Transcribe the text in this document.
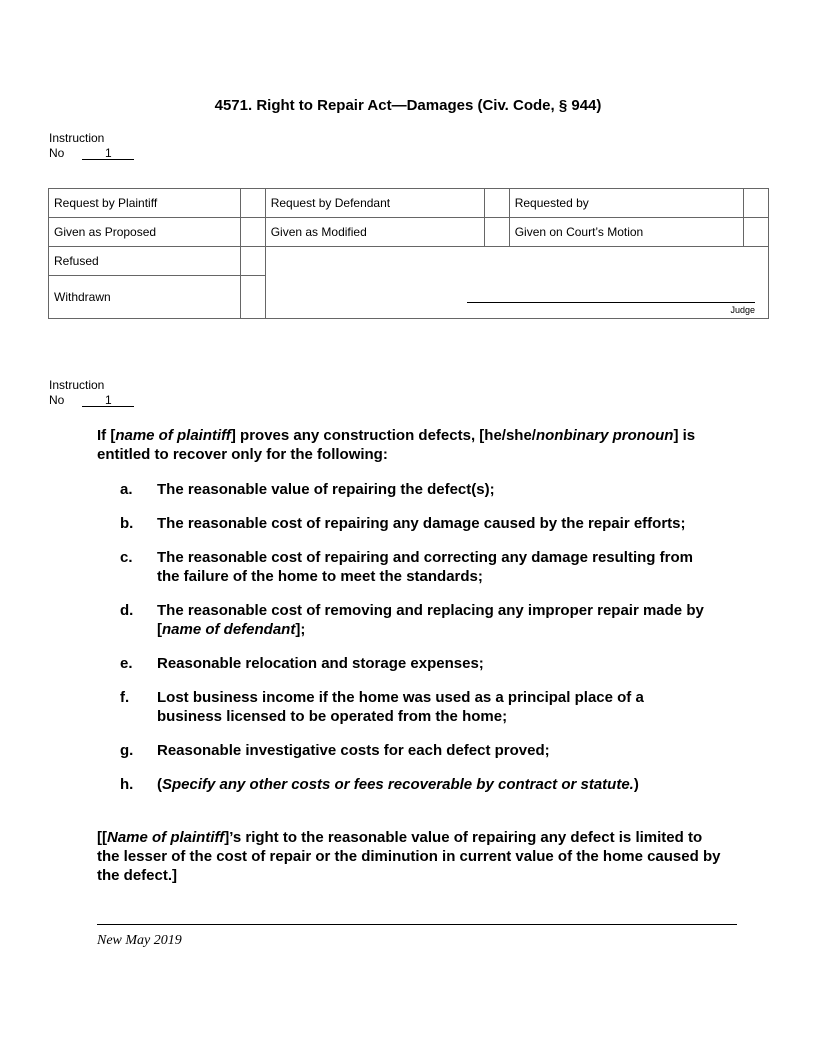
4571. Right to Repair Act—Damages (Civ. Code, § 944)
Instruction
No	1
Request by Plaintiff		Request by Defendant		Requested by	
Given as Proposed		Given as Modified		Given on Court’s Motion	
Refused		Judge			

Withdrawn					
Instruction
No	1
If [name of plaintiff] proves any construction defects, [he/she/nonbinary pronoun] is entitled to recover only for the following:
a. The reasonable value of repairing the defect(s);
b. The reasonable cost of repairing any damage caused by the repair efforts;
c. The reasonable cost of repairing and correcting any damage resulting from the failure of the home to meet the standards;
d. The reasonable cost of removing and replacing any improper repair made by [name of defendant];
e. Reasonable relocation and storage expenses;
f. Lost business income if the home was used as a principal place of a business licensed to be operated from the home;
g. Reasonable investigative costs for each defect proved;
h. (Specify any other costs or fees recoverable by contract or statute.)
[[Name of plaintiff]’s right to the reasonable value of repairing any defect is limited to the lesser of the cost of repair or the diminution in current value of the home caused by the defect.]
New May 2019
